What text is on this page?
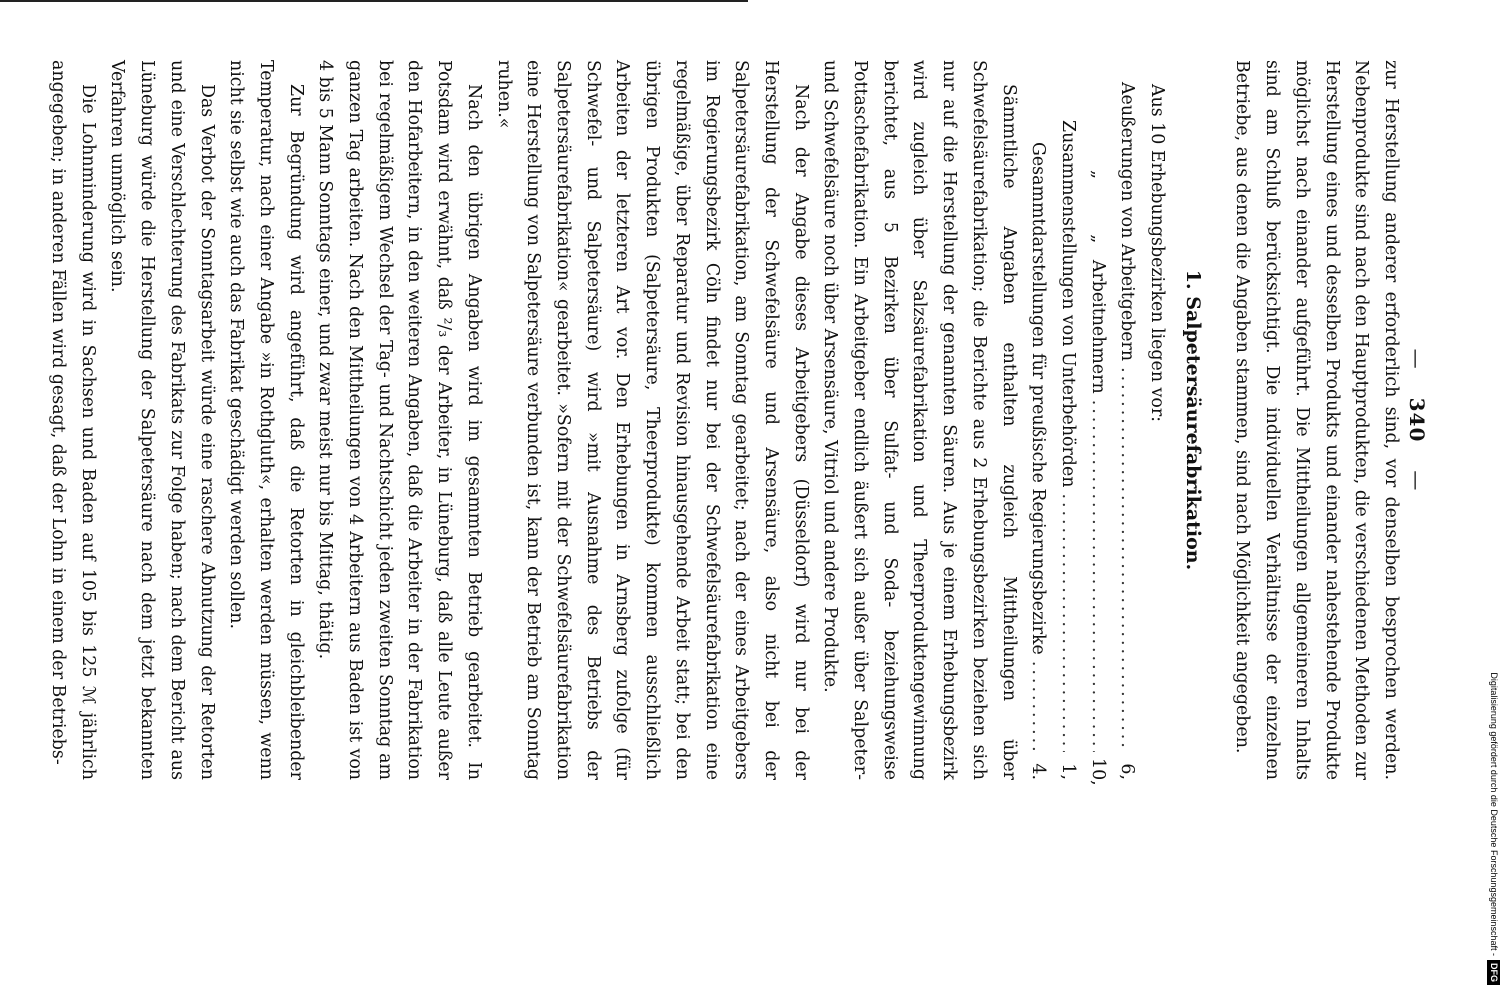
—340—

zur Herstellung anderer erforderlich sind, vor denselben besprochen werden. Nebenprodukte sind nach den Hauptprodukten, die verschiedenen Methoden zur Herstellung eines und desselben Produkts und einander nahestehende Produkte möglichst nach einander aufgeführt. Die Mittheilungen allgemeineren Inhalts sind am Schluß berücksichtigt. Die individuellen Verhältnisse der einzelnen Betriebe, aus denen die Angaben stammen, sind nach Möglichkeit angegeben.

1. Salpetersäurefabrikation.

Aus 10 Erhebungsbezirken liegen vor:

Aeußerungen von Arbeitgebern
.....
6,
„          „   Arbeitnehmern
.....
10,
Zusammenstellungen von Unterbehörden
.....
1,
Gesammtdarstellungen für preußische Regierungsbezirke
.....
4.

Sämmtliche Angaben enthalten zugleich Mittheilungen über Schwefelsäurefabrikation; die Berichte aus 2 Erhebungsbezirken beziehen sich nur auf die Herstellung der genannten Säuren. Aus je einem Erhebungsbezirk wird zugleich über Salzsäurefabrikation und Theerproduktengewinnung berichtet, aus 5 Bezirken über Sulfat- und Soda- beziehungsweise Pottaschefabrikation. Ein Arbeitgeber endlich äußert sich außer über Salpeter- und Schwefelsäure noch über Arsensäure, Vitriol und andere Produkte.

Nach der Angabe dieses Arbeitgebers (Düsseldorf) wird nur bei der Herstellung der Schwefelsäure und Arsensäure, also nicht bei der Salpetersäurefabrikation, am Sonntag gearbeitet; nach der eines Arbeitgebers im Regierungsbezirk Cöln findet nur bei der Schwefelsäurefabrikation eine regelmäßige, über Reparatur und Revision hinausgehende Arbeit statt; bei den übrigen Produkten (Salpetersäure, Theerprodukte) kommen ausschließlich Arbeiten der letzteren Art vor. Den Erhebungen in Arnsberg zufolge (für Schwefel- und Salpetersäure) wird »mit Ausnahme des Betriebs der Salpetersäurefabrikation« gearbeitet. »Sofern mit der Schwefelsäurefabrikation eine Herstellung von Salpetersäure verbunden ist, kann der Betrieb am Sonntag ruhen.«

Nach den übrigen Angaben wird im gesammten Betrieb gearbeitet. In Potsdam wird erwähnt, daß ²/₃ der Arbeiter, in Lüneburg, daß alle Leute außer den Hofarbeitern, in den weiteren Angaben, daß die Arbeiter in der Fabrikation bei regelmäßigem Wechsel der Tag- und Nachtschicht jeden zweiten Sonntag am ganzen Tag arbeiten. Nach den Mittheilungen von 4 Arbeitern aus Baden ist von 4 bis 5 Mann Sonntags einer, und zwar meist nur bis Mittag, thätig.

Zur Begründung wird angeführt, daß die Retorten in gleichbleibender Temperatur, nach einer Angabe »in Rothgluth«, erhalten werden müssen, wenn nicht sie selbst wie auch das Fabrikat geschädigt werden sollen.

Das Verbot der Sonntagsarbeit würde eine raschere Abnutzung der Retorten und eine Verschlechterung des Fabrikats zur Folge haben; nach dem Bericht aus Lüneburg würde die Herstellung der Salpetersäure nach dem jetzt bekannten Verfahren unmöglich sein.

Die Lohnminderung wird in Sachsen und Baden auf 105 bis 125 ℳ jährlich angegeben; in anderen Fällen wird gesagt, daß der Lohn in einem der Betriebs-

Digitalisierung gefördert durch die Deutsche Forschungsgemeinschaft -DFG
